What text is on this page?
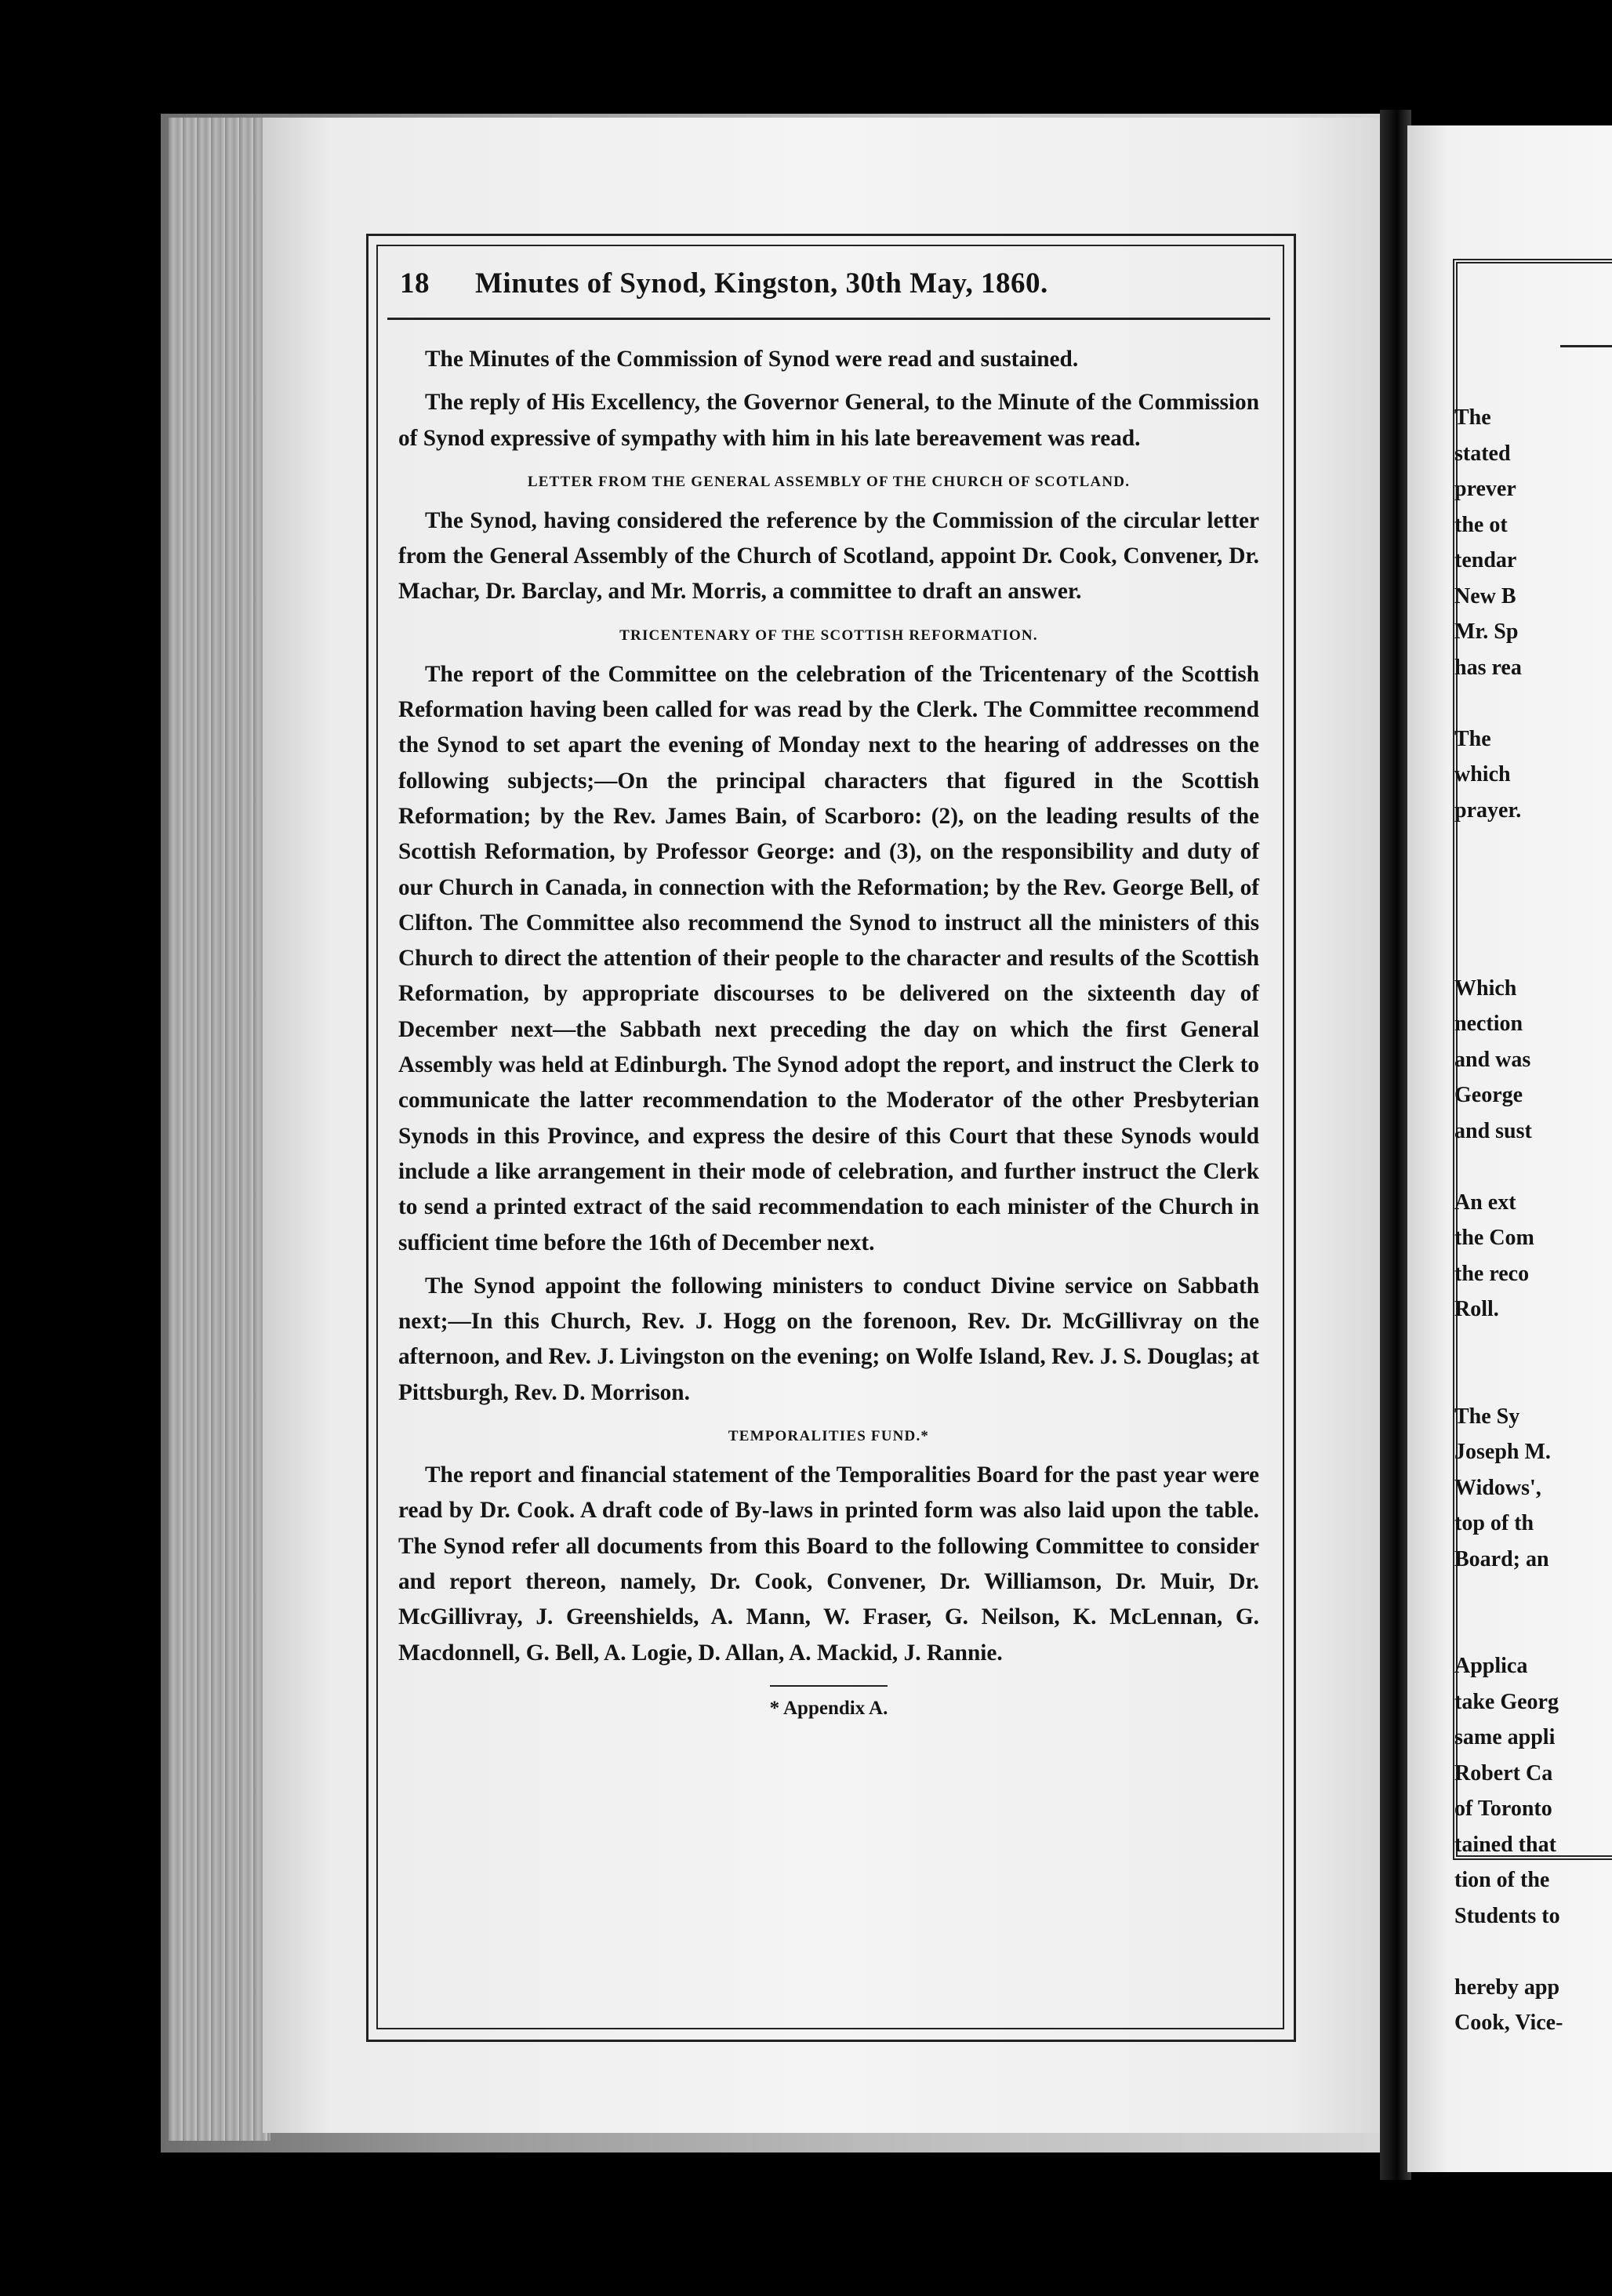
18	Minutes of Synod, Kingston, 30th May, 1860.

The Minutes of the Commission of Synod were read and sustained.

The reply of His Excellency, the Governor General, to the Minute of the Commission of Synod expressive of sympathy with him in his late bereavement was read.

LETTER FROM THE GENERAL ASSEMBLY OF THE CHURCH OF SCOTLAND.

The Synod, having considered the reference by the Commission of the circular letter from the General Assembly of the Church of Scotland, appoint Dr. Cook, Convener, Dr. Machar, Dr. Barclay, and Mr. Morris, a committee to draft an answer.

TRICENTENARY OF THE SCOTTISH REFORMATION.

The report of the Committee on the celebration of the Tricentenary of the Scottish Reformation having been called for was read by the Clerk. The Committee recommend the Synod to set apart the evening of Monday next to the hearing of addresses on the following subjects;—On the principal characters that figured in the Scottish Reformation; by the Rev. James Bain, of Scarboro: (2), on the leading results of the Scottish Reformation, by Professor George: and (3), on the responsibility and duty of our Church in Canada, in connection with the Reformation; by the Rev. George Bell, of Clifton. The Committee also recommend the Synod to instruct all the ministers of this Church to direct the attention of their people to the character and results of the Scottish Reformation, by appropriate discourses to be delivered on the sixteenth day of December next—the Sabbath next preceding the day on which the first General Assembly was held at Edinburgh. The Synod adopt the report, and instruct the Clerk to communicate the latter recommendation to the Moderator of the other Presbyterian Synods in this Province, and express the desire of this Court that these Synods would include a like arrangement in their mode of celebration, and further instruct the Clerk to send a printed extract of the said recommendation to each minister of the Church in sufficient time before the 16th of December next.

The Synod appoint the following ministers to conduct Divine service on Sabbath next;—In this Church, Rev. J. Hogg on the forenoon, Rev. Dr. McGillivray on the afternoon, and Rev. J. Livingston on the evening; on Wolfe Island, Rev. J. S. Douglas; at Pittsburgh, Rev. D. Morrison.

TEMPORALITIES FUND.*

The report and financial statement of the Temporalities Board for the past year were read by Dr. Cook. A draft code of By-laws in printed form was also laid upon the table. The Synod refer all documents from this Board to the following Committee to consider and report thereon, namely, Dr. Cook, Convener, Dr. Williamson, Dr. Muir, Dr. McGillivray, J. Greenshields, A. Mann, W. Fraser, G. Neilson, K. McLennan, G. Macdonnell, G. Bell, A. Logie, D. Allan, A. Mackid, J. Rannie.

* Appendix A.
The
stated
prever
the ot
tendar
New B
Mr. Sp
has rea
The
which
prayer.
Which
nection
and was
George
and sust
An ext
the Com
the reco
Roll.
The Sy
Joseph M.
Widows',
top of th
Board; an
Applica
take Georg
same appli
Robert Ca
of Toronto
tained that
tion of the
Students to
hereby app
Cook, Vice-
